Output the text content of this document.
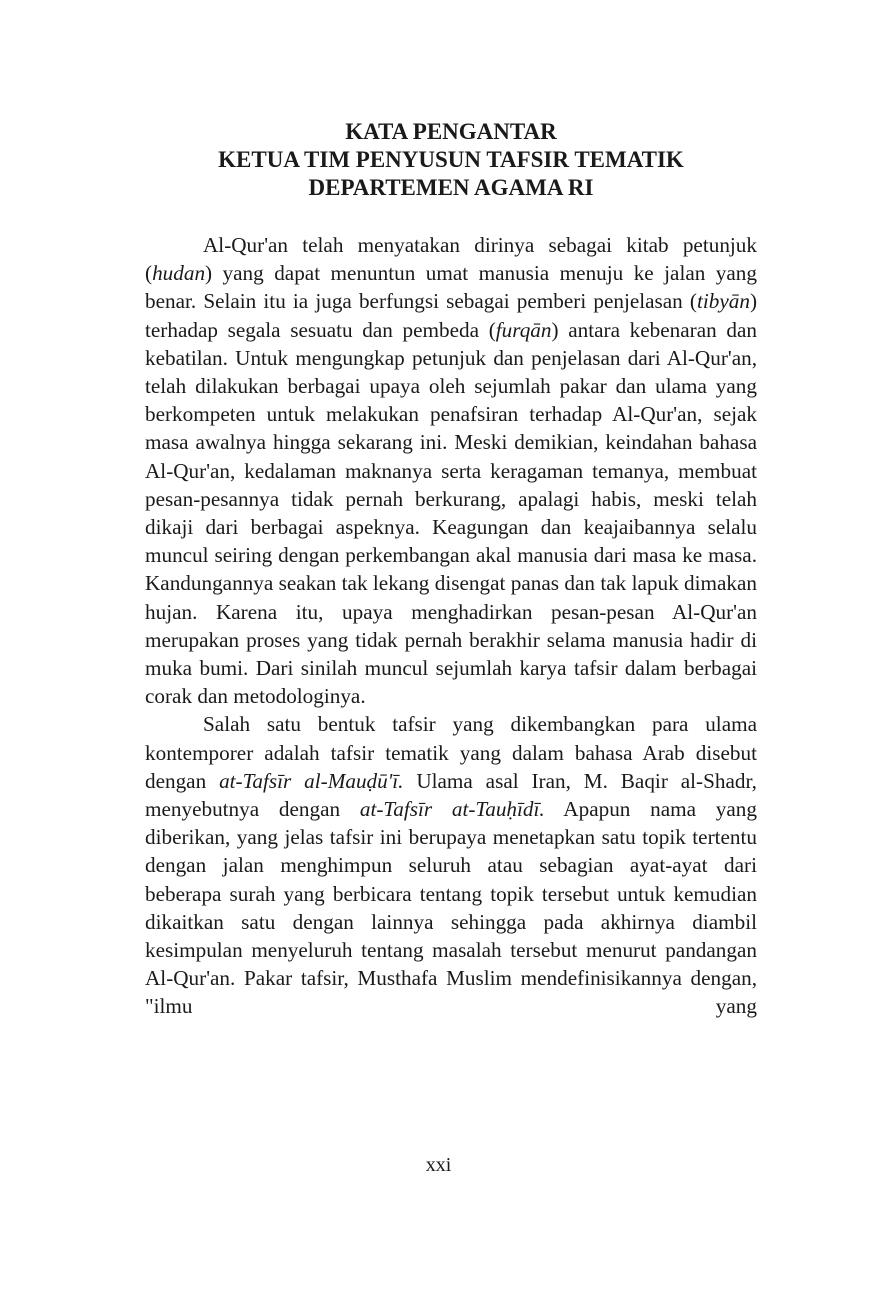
KATA PENGANTAR
KETUA TIM PENYUSUN TAFSIR TEMATIK
DEPARTEMEN AGAMA RI

Al-Qur'an telah menyatakan dirinya sebagai kitab petunjuk (hudan) yang dapat menuntun umat manusia menuju ke jalan yang benar. Selain itu ia juga berfungsi sebagai pemberi penjelasan (tibyān) terhadap segala sesuatu dan pembeda (furqān) antara kebenaran dan kebatilan. Untuk mengungkap petunjuk dan penjelasan dari Al-Qur'an, telah dilakukan berbagai upaya oleh sejumlah pakar dan ulama yang berkompeten untuk melakukan penafsiran terhadap Al-Qur'an, sejak masa awalnya hingga sekarang ini. Meski demikian, keindahan bahasa Al-Qur'an, kedalaman maknanya serta keragaman temanya, membuat pesan-pesannya tidak pernah berkurang, apalagi habis, meski telah dikaji dari berbagai aspeknya. Keagungan dan keajaibannya selalu muncul seiring dengan perkembangan akal manusia dari masa ke masa. Kandungannya seakan tak lekang disengat panas dan tak lapuk dimakan hujan. Karena itu, upaya menghadirkan pesan-pesan Al-Qur'an merupakan proses yang tidak pernah berakhir selama manusia hadir di muka bumi. Dari sinilah muncul sejumlah karya tafsir dalam berbagai corak dan metodologinya.

Salah satu bentuk tafsir yang dikembangkan para ulama kontemporer adalah tafsir tematik yang dalam bahasa Arab disebut dengan at-Tafsīr al-Mauḍū'ī. Ulama asal Iran, M. Baqir al-Shadr, menyebutnya dengan at-Tafsīr at-Tauḥīdī. Apapun nama yang diberikan, yang jelas tafsir ini berupaya menetapkan satu topik tertentu dengan jalan menghimpun seluruh atau sebagian ayat-ayat dari beberapa surah yang berbicara tentang topik tersebut untuk kemudian dikaitkan satu dengan lainnya sehingga pada akhirnya diambil kesimpulan menyeluruh tentang masalah tersebut menurut pandangan Al-Qur'an. Pakar tafsir, Musthafa Muslim mendefinisikannya dengan, "ilmu yang

xxi
